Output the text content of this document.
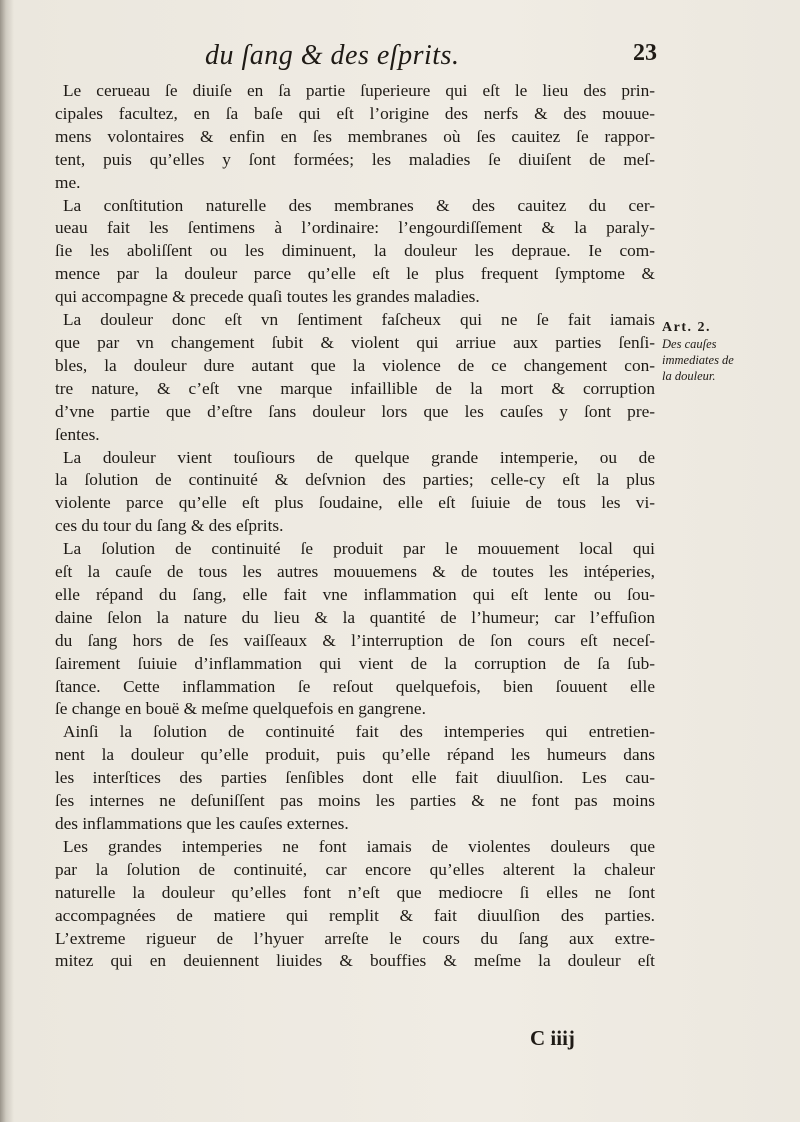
du ſang & des eſprits.	23
Le cerueau ſe diuiſe en ſa partie ſuperieure qui eſt le lieu des prin-
cipales facultez, en ſa baſe qui eſt l’origine des nerfs & des mouue-
mens volontaires & enfin en ſes membranes où ſes cauitez ſe rappor-
tent, puis qu’elles y ſont formées; les maladies ſe diuiſent de meſ-
me.
La conſtitution naturelle des membranes & des cauitez du cer-
ueau fait les ſentimens à l’ordinaire: l’engourdiſſement & la paraly-
ſie les aboliſſent ou les diminuent, la douleur les depraue. Ie com-
mence par la douleur parce qu’elle eſt le plus frequent ſymptome &
qui accompagne & precede quaſi toutes les grandes maladies.
La douleur donc eſt vn ſentiment faſcheux qui ne ſe fait iamais
que par vn changement ſubit & violent qui arriue aux parties ſenſi-
bles, la douleur dure autant que la violence de ce changement con-
tre nature, & c’eſt vne marque infaillible de la mort & corruption
d’vne partie que d’eſtre ſans douleur lors que les cauſes y ſont pre-
ſentes.
La douleur vient touſiours de quelque grande intemperie, ou de
la ſolution de continuité & deſvnion des parties; celle-cy eſt la plus
violente parce qu’elle eſt plus ſoudaine, elle eſt ſuiuie de tous les vi-
ces du tour du ſang & des eſprits.
La ſolution de continuité ſe produit par le mouuement local qui
eſt la cauſe de tous les autres mouuemens & de toutes les intéperies,
elle répand du ſang, elle fait vne inflammation qui eſt lente ou ſou-
daine ſelon la nature du lieu & la quantité de l’humeur; car l’effuſion
du ſang hors de ſes vaiſſeaux & l’interruption de ſon cours eſt neceſ-
ſairement ſuiuie d’inflammation qui vient de la corruption de ſa ſub-
ſtance. Cette inflammation ſe reſout quelquefois, bien ſouuent elle
ſe change en bouë & meſme quelquefois en gangrene.
Ainſi la ſolution de continuité fait des intemperies qui entretien-
nent la douleur qu’elle produit, puis qu’elle répand les humeurs dans
les interſtices des parties ſenſibles dont elle fait diuulſion. Les cau-
ſes internes ne deſuniſſent pas moins les parties & ne font pas moins
des inflammations que les cauſes externes.
Les grandes intemperies ne font iamais de violentes douleurs que
par la ſolution de continuité, car encore qu’elles alterent la chaleur
naturelle la douleur qu’elles font n’eſt que mediocre ſi elles ne ſont
accompagnées de matiere qui remplit & fait diuulſion des parties.
L’extreme rigueur de l’hyuer arreſte le cours du ſang aux extre-
mitez qui en deuiennent liuides & bouffies & meſme la douleur eſt
Art. 2.
Des cauſes
immediates de
la douleur.
C iiij
